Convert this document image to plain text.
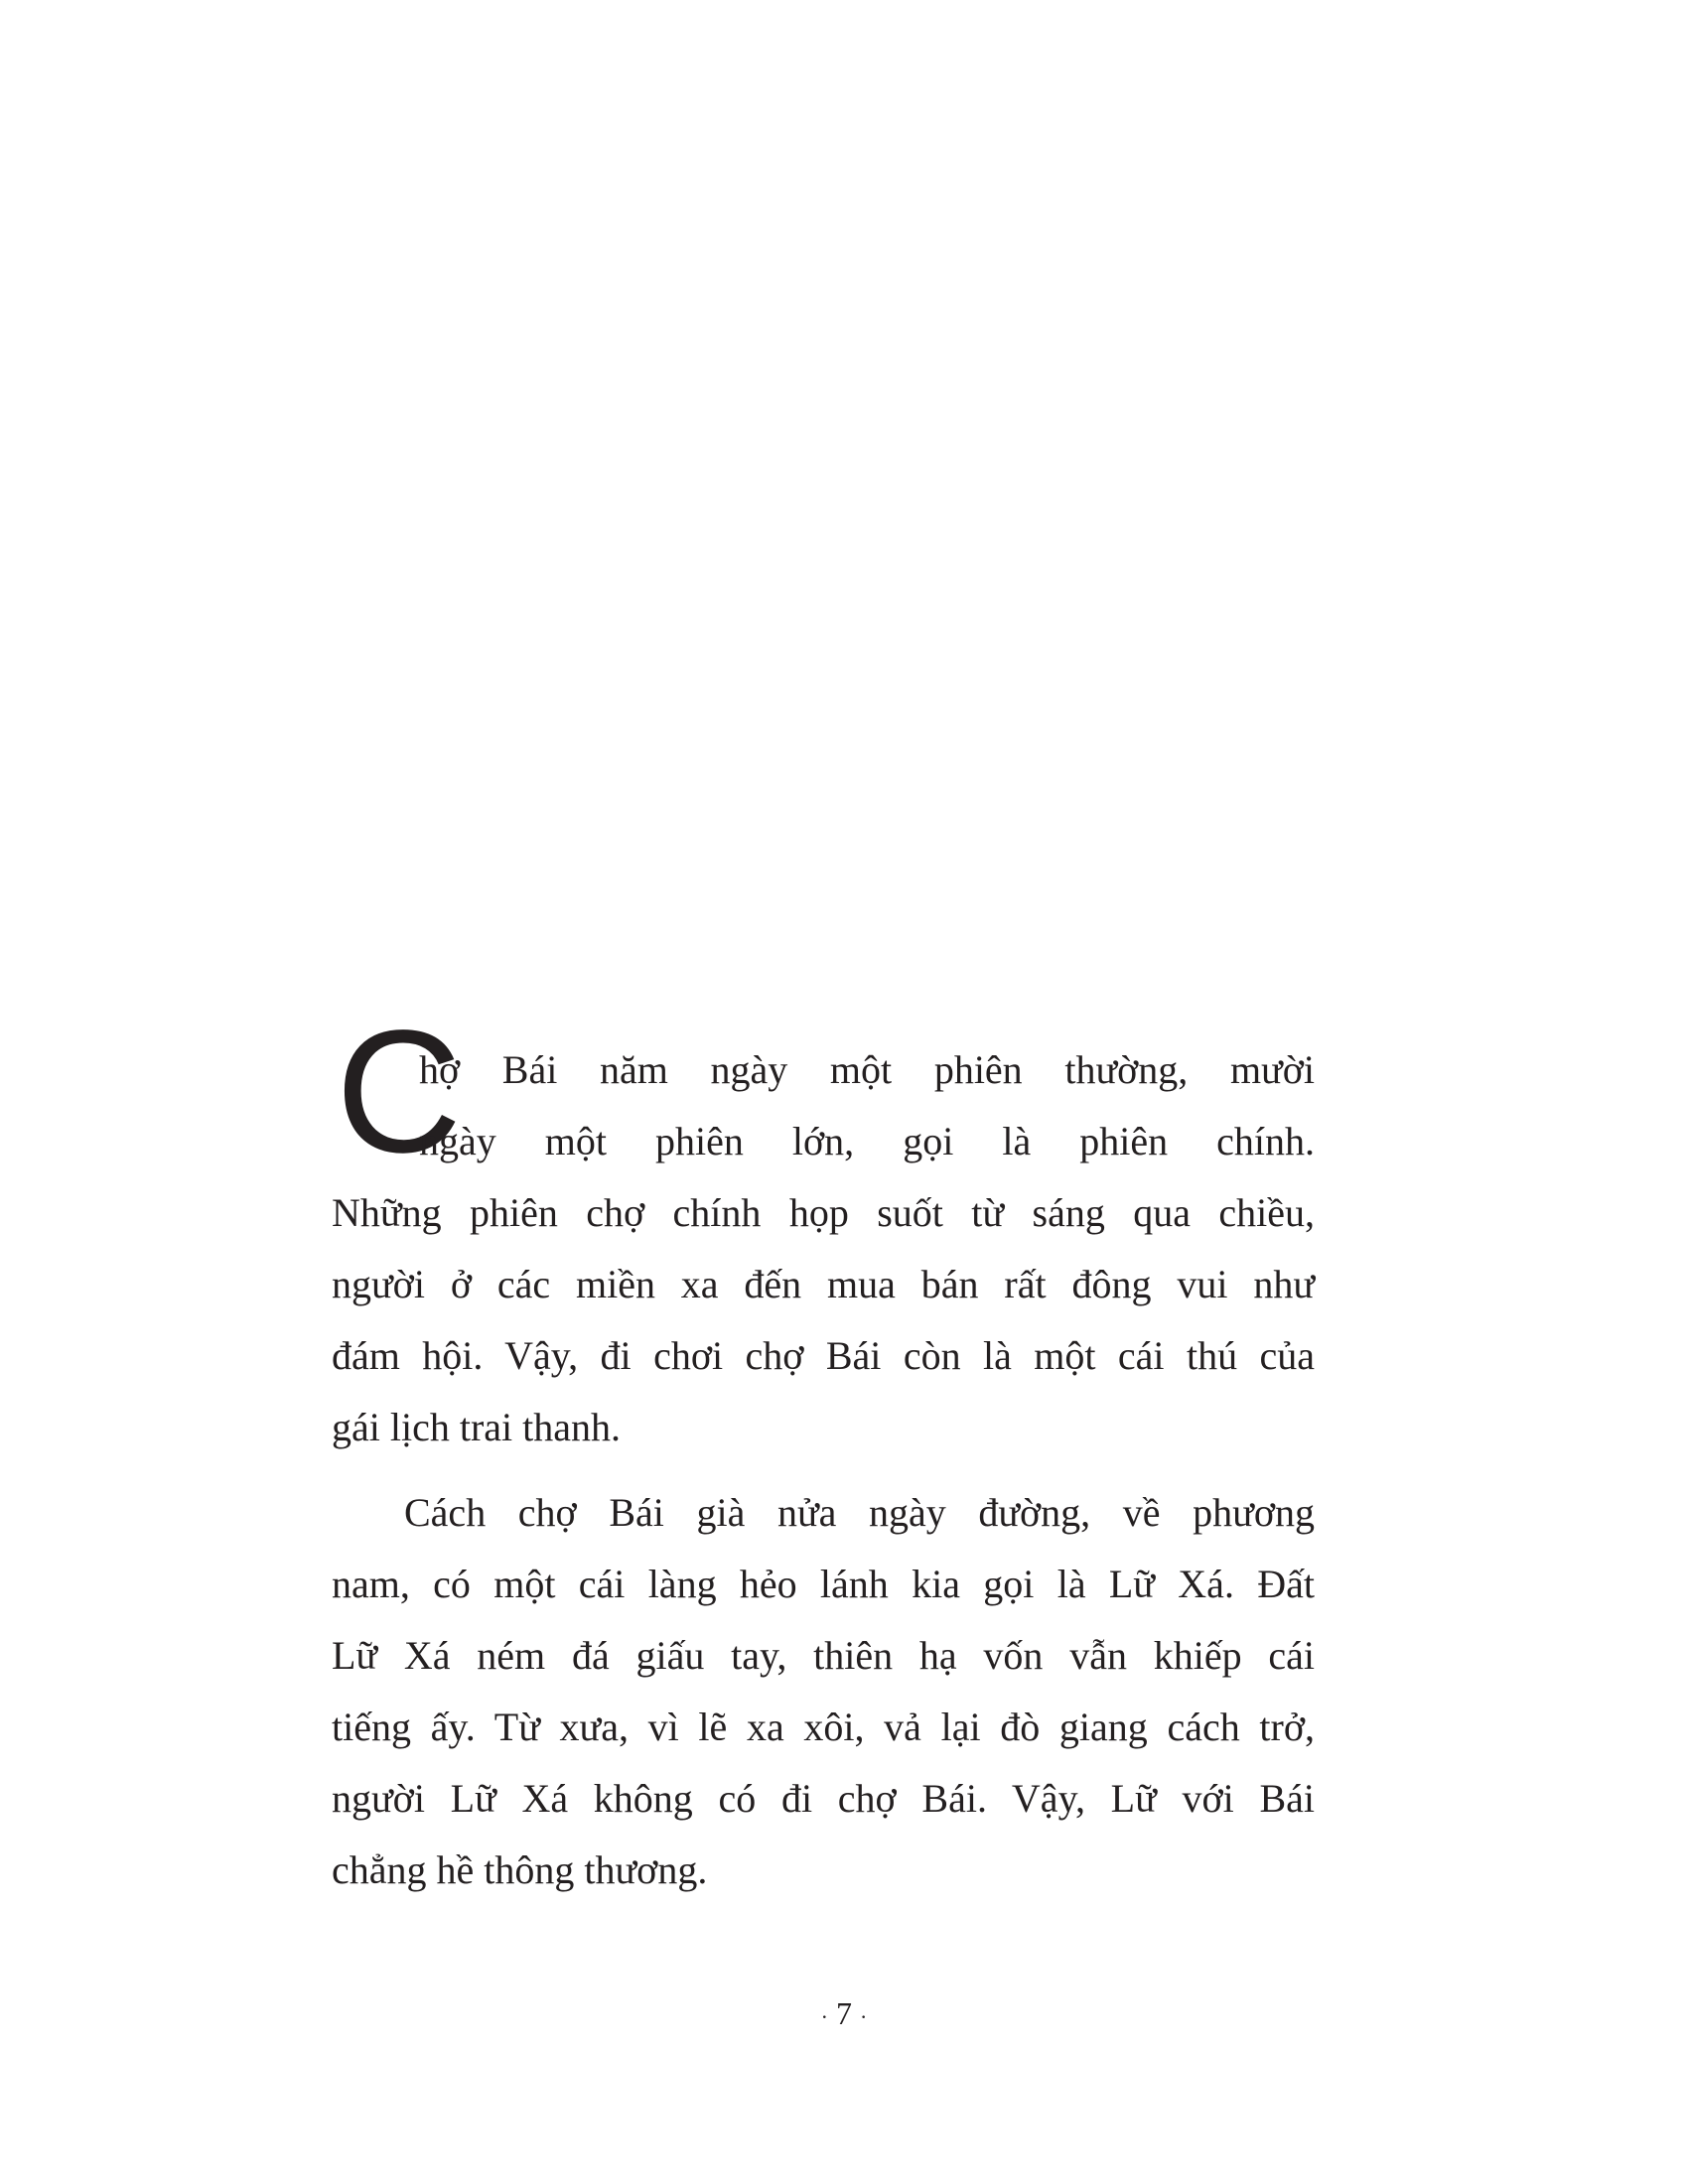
C
hợ Bái năm ngày một phiên thường, mười
ngày một phiên lớn, gọi là phiên chính.
Những phiên chợ chính họp suốt từ sáng qua chiều,
người ở các miền xa đến mua bán rất đông vui như
đám hội. Vậy, đi chơi chợ Bái còn là một cái thú của
gái lịch trai thanh.
Cách chợ Bái già nửa ngày đường, về phương
nam, có một cái làng hẻo lánh kia gọi là Lữ Xá. Đất
Lữ Xá ném đá giấu tay, thiên hạ vốn vẫn khiếp cái
tiếng ấy. Từ xưa, vì lẽ xa xôi, vả lại đò giang cách trở,
người Lữ Xá không có đi chợ Bái. Vậy, Lữ với Bái
chẳng hề thông thương.
· 7 ·
